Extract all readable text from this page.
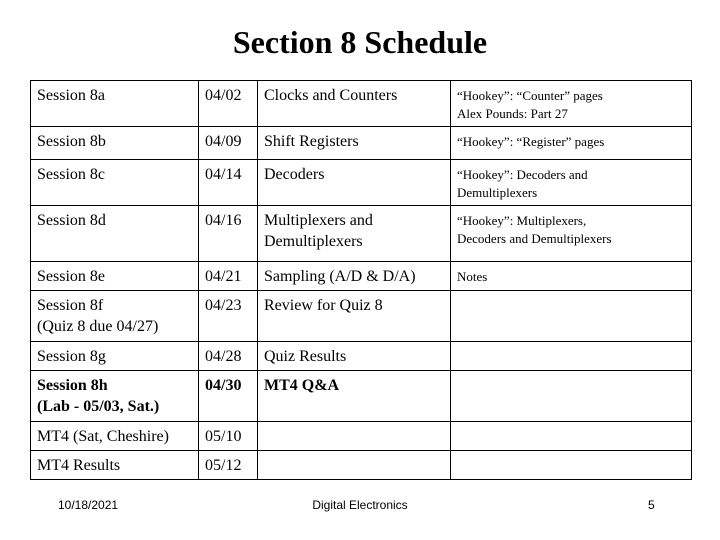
Section 8 Schedule
Session 8a	04/02	Clocks and Counters	“Hookey”: “Counter” pages
Alex Pounds: Part 27

Session 8b	04/09	Shift Registers	“Hookey”: “Register” pages

Session 8c	04/14	Decoders	“Hookey”: Decoders and
Demultiplexers

Session 8d	04/16	Multiplexers and
Demultiplexers	“Hookey”: Multiplexers,
Decoders and Demultiplexers

Session 8e	04/21	Sampling (A/D & D/A)	Notes

Session 8f
(Quiz 8 due 04/27)	04/23	Review for Quiz 8	

Session 8g	04/28	Quiz Results	

Session 8h
(Lab - 05/03, Sat.)	04/30	MT4 Q&A	

MT4 (Sat, Cheshire)	05/10		

MT4 Results	05/12		
10/18/2021	Digital Electronics	5
